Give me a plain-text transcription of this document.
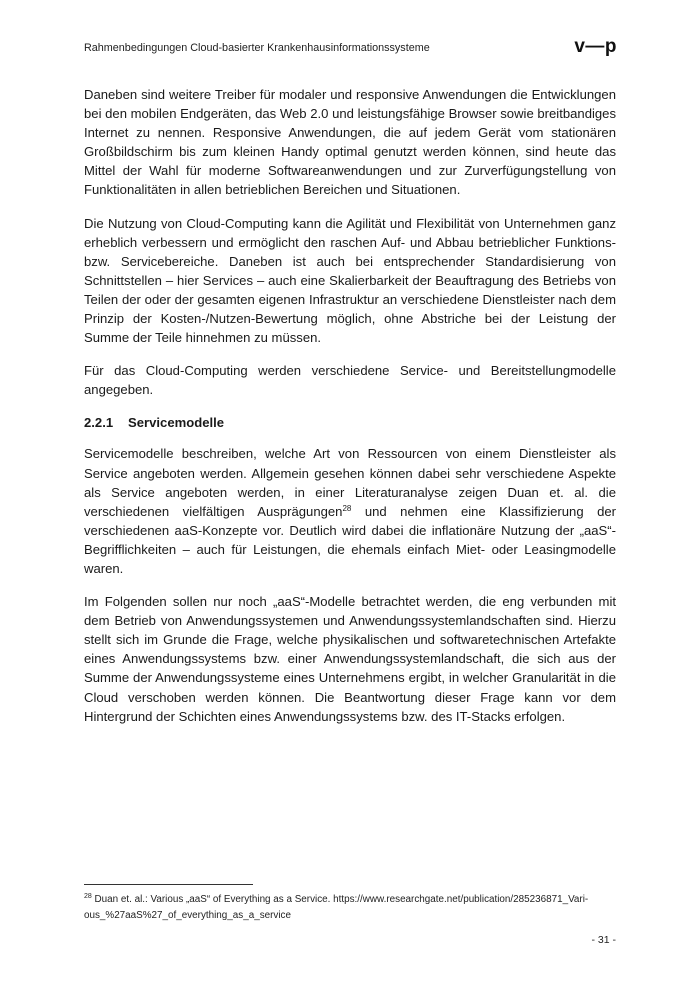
Rahmenbedingungen Cloud-basierter Krankenhausinformationssysteme	v—p

Daneben sind weitere Treiber für modaler und responsive Anwendungen die Entwicklungen bei den mobilen Endgeräten, das Web 2.0 und leistungsfähige Browser sowie breitbandiges Internet zu nennen. Responsive Anwendungen, die auf jedem Gerät vom stationären Großbildschirm bis zum kleinen Handy optimal genutzt werden können, sind heute das Mittel der Wahl für moderne Softwareanwendungen und zur Zurverfügungstellung von Funktionalitäten in allen betrieblichen Bereichen und Situationen.

Die Nutzung von Cloud-Computing kann die Agilität und Flexibilität von Unternehmen ganz erheblich verbessern und ermöglicht den raschen Auf- und Abbau betrieblicher Funktions- bzw. Servicebereiche. Daneben ist auch bei entsprechender Standardisierung von Schnittstellen – hier Services – auch eine Skalierbarkeit der Beauftragung des Betriebs von Teilen der oder der gesamten eigenen Infrastruktur an verschiedene Dienstleister nach dem Prinzip der Kosten-/Nutzen-Bewertung möglich, ohne Abstriche bei der Leistung der Summe der Teile hinnehmen zu müssen.

Für das Cloud-Computing werden verschiedene Service- und Bereitstellungmodelle angegeben.

2.2.1 Servicemodelle

Servicemodelle beschreiben, welche Art von Ressourcen von einem Dienstleister als Service angeboten werden. Allgemein gesehen können dabei sehr verschiedene Aspekte als Service angeboten werden, in einer Literaturanalyse zeigen Duan et. al. die verschiedenen vielfältigen Ausprägungen$^{28}$ und nehmen eine Klassifizierung der verschiedenen aaS-Konzepte vor. Deutlich wird dabei die inflationäre Nutzung der „aaS“-Begrifflichkeiten – auch für Leistungen, die ehemals einfach Miet- oder Leasingmodelle waren.

Im Folgenden sollen nur noch „aaS“-Modelle betrachtet werden, die eng verbunden mit dem Betrieb von Anwendungssystemen und Anwendungssystemlandschaften sind. Hierzu stellt sich im Grunde die Frage, welche physikalischen und softwaretechnischen Artefakte eines Anwendungssystems bzw. einer Anwendungssystemlandschaft, die sich aus der Summe der Anwendungssysteme eines Unternehmens ergibt, in welcher Granularität in die Cloud verschoben werden können. Die Beantwortung dieser Frage kann vor dem Hintergrund der Schichten eines Anwendungssystems bzw. des IT-Stacks erfolgen.

$^{28}$ Duan et. al.: Various „aaS“ of Everything as a Service. https://www.researchgate.net/publication/285236871_Various_%27aaS%27_of_everything_as_a_service
- 31 -
